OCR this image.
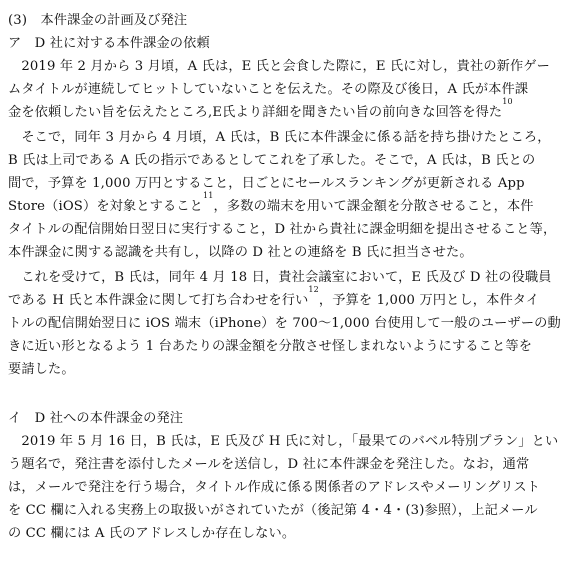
(3)　本件課金の計画及び発注
ア　D 社に対する本件課金の依頼
　2019 年 2 月から 3 月頃，A 氏は，E 氏と会食した際に，E 氏に対し，貴社の新作ゲー
ムタイトルが連続してヒットしていないことを伝えた。その際及び後日，A 氏が本件課
金を依頼したい旨を伝えたところ,E氏より詳細を聞きたい旨の前向きな回答を得た$^{10}$
　そこで，同年 3 月から 4 月頃，A 氏は，B 氏に本件課金に係る話を持ち掛けたところ，
B 氏は上司である A 氏の指示であるとしてこれを了承した。そこで，A 氏は，B 氏との
間で，予算を 1,000 万円とすること，日ごとにセールスランキングが更新される App
Store（iOS）を対象とすること$^{11}$，多数の端末を用いて課金額を分散させること，本件
タイトルの配信開始日翌日に実行すること，D 社から貴社に課金明細を提出させること等，
本件課金に関する認識を共有し，以降の D 社との連絡を B 氏に担当させた。
　これを受けて，B 氏は，同年 4 月 18 日，貴社会議室において，E 氏及び D 社の役職員
である H 氏と本件課金に関して打ち合わせを行い$^{12}$，予算を 1,000 万円とし，本件タイ
トルの配信開始翌日に iOS 端末（iPhone）を 700〜1,000 台使用して一般のユーザーの動
きに近い形となるよう 1 台あたりの課金額を分散させ怪しまれないようにすること等を
要請した。
イ　D 社への本件課金の発注
　2019 年 5 月 16 日，B 氏は，E 氏及び H 氏に対し，「最果てのバベル特別プラン」とい
う題名で，発注書を添付したメールを送信し，D 社に本件課金を発注した。なお，通常
は，メールで発注を行う場合，タイトル作成に係る関係者のアドレスやメーリングリスト
を CC 欄に入れる実務上の取扱いがされていたが（後記第 4・4・(3)参照），上記メール
の CC 欄には A 氏のアドレスしか存在しない。
